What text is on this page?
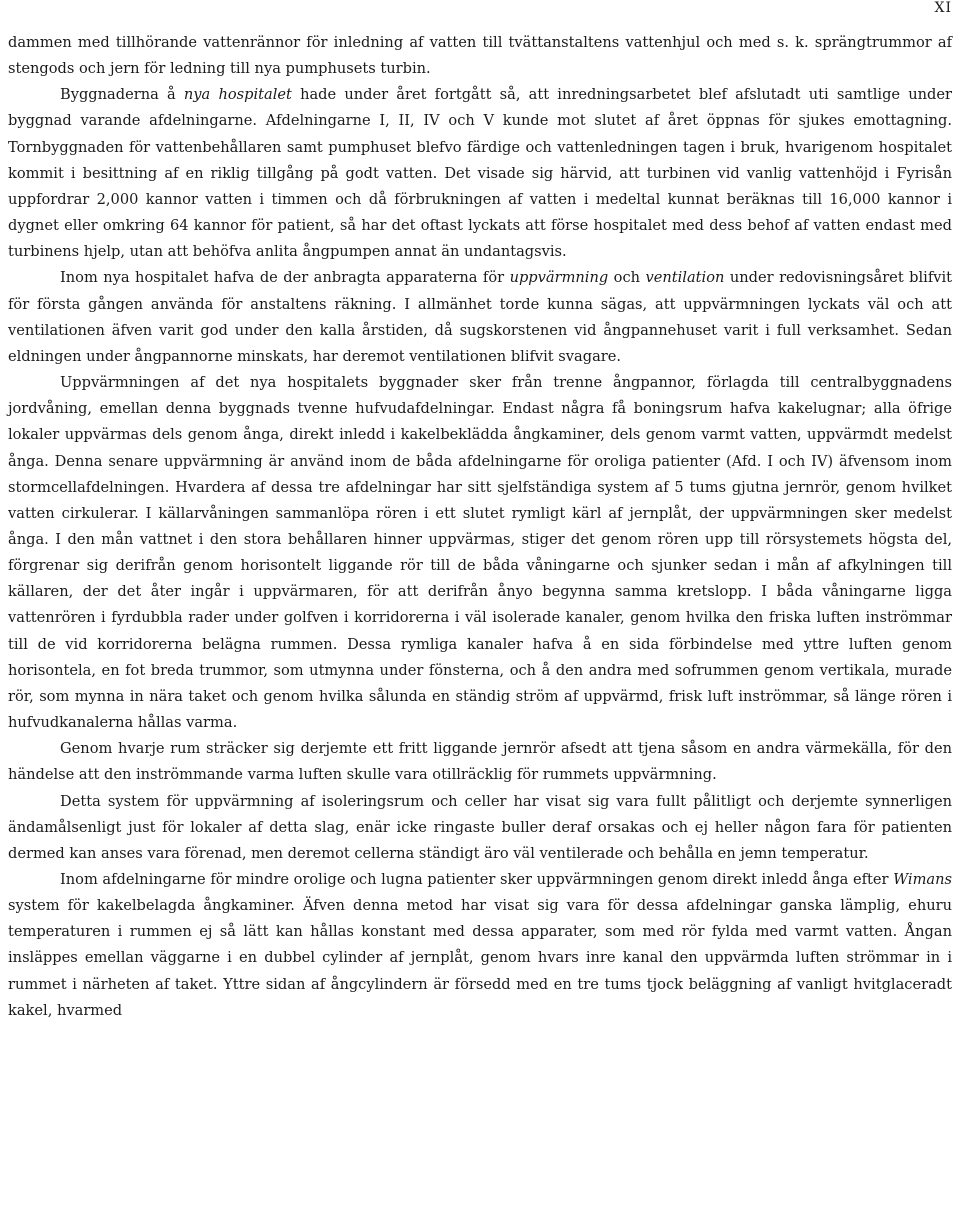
XI

dammen med tillhörande vattenrännor för inledning af vatten till tvättanstaltens vattenhjul och med s. k. sprängtrummor af stengods och jern för ledning till nya pumphusets turbin.

Byggnaderna å nya hospitalet hade under året fortgått så, att inredningsarbetet blef afslutadt uti samtlige under byggnad varande afdelningarne. Afdelningarne I, II, IV och V kunde mot slutet af året öppnas för sjukes emottagning. Tornbyggnaden för vattenbehållaren samt pumphuset blefvo färdige och vattenledningen tagen i bruk, hvarigenom hospitalet kommit i besittning af en riklig tillgång på godt vatten. Det visade sig härvid, att turbinen vid vanlig vattenhöjd i Fyrisån uppfordrar 2,000 kannor vatten i timmen och då förbrukningen af vatten i medeltal kunnat beräknas till 16,000 kannor i dygnet eller omkring 64 kannor för patient, så har det oftast lyckats att förse hospitalet med dess behof af vatten endast med turbinens hjelp, utan att behöfva anlita ångpumpen annat än undantagsvis.

Inom nya hospitalet hafva de der anbragta apparaterna för uppvärmning och ventilation under redovisningsåret blifvit för första gången använda för anstaltens räkning. I allmänhet torde kunna sägas, att uppvärmningen lyckats väl och att ventilationen äfven varit god under den kalla årstiden, då sugskorstenen vid ångpannehuset varit i full verksamhet. Sedan eldningen under ångpannorne minskats, har deremot ventilationen blifvit svagare.

Uppvärmningen af det nya hospitalets byggnader sker från trenne ångpannor, förlagda till centralbyggnadens jordvåning, emellan denna byggnads tvenne hufvudafdelningar. Endast några få boningsrum hafva kakelugnar; alla öfrige lokaler uppvärmas dels genom ånga, direkt inledd i kakelbeklädda ångkaminer, dels genom varmt vatten, uppvärmdt medelst ånga. Denna senare uppvärmning är använd inom de båda afdelningarne för oroliga patienter (Afd. I och IV) äfvensom inom stormcellafdelningen. Hvardera af dessa tre afdelningar har sitt sjelfständiga system af 5 tums gjutna jernrör, genom hvilket vatten cirkulerar. I källarvåningen sammanlöpa rören i ett slutet rymligt kärl af jernplåt, der uppvärmningen sker medelst ånga. I den mån vattnet i den stora behållaren hinner uppvärmas, stiger det genom rören upp till rörsystemets högsta del, förgrenar sig derifrån genom horisontelt liggande rör till de båda våningarne och sjunker sedan i mån af afkylningen till källaren, der det åter ingår i uppvärmaren, för att derifrån ånyo begynna samma kretslopp. I båda våningarne ligga vattenrören i fyrdubbla rader under golfven i korridorerna i väl isolerade kanaler, genom hvilka den friska luften inströmmar till de vid korridorerna belägna rummen. Dessa rymliga kanaler hafva å en sida förbindelse med yttre luften genom horisontela, en fot breda trummor, som utmynna under fönsterna, och å den andra med sofrummen genom vertikala, murade rör, som mynna in nära taket och genom hvilka sålunda en ständig ström af uppvärmd, frisk luft inströmmar, så länge rören i hufvudkanalerna hållas varma.

Genom hvarje rum sträcker sig derjemte ett fritt liggande jernrör afsedt att tjena såsom en andra värmekälla, för den händelse att den inströmmande varma luften skulle vara otillräcklig för rummets uppvärmning.

Detta system för uppvärmning af isoleringsrum och celler har visat sig vara fullt pålitligt och derjemte synnerligen ändamålsenligt just för lokaler af detta slag, enär icke ringaste buller deraf orsakas och ej heller någon fara för patienten dermed kan anses vara förenad, men deremot cellerna ständigt äro väl ventilerade och behålla en jemn temperatur.

Inom afdelningarne för mindre orolige och lugna patienter sker uppvärmningen genom direkt inledd ånga efter Wimans system för kakelbelagda ångkaminer. Äfven denna metod har visat sig vara för dessa afdelningar ganska lämplig, ehuru temperaturen i rummen ej så lätt kan hållas konstant med dessa apparater, som med rör fylda med varmt vatten. Ångan insläppes emellan väggarne i en dubbel cylinder af jernplåt, genom hvars inre kanal den uppvärmda luften strömmar in i rummet i närheten af taket. Yttre sidan af ångcylindern är försedd med en tre tums tjock beläggning af vanligt hvitglaceradt kakel, hvarmed
